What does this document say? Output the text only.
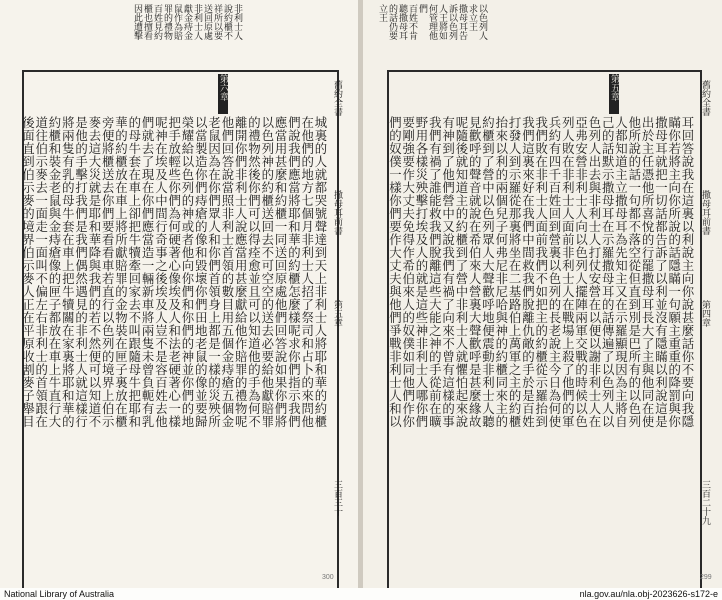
非利士人
說約櫃不
祥所以要
送回原處
非利士人
獻金痔金
鼠作為賠
罪的禮物
百姓見約
櫃也擅看
因此遭擊	以色列人
求立王
撒母耳告
訴以色列
人王將如
何管理他
們
百姓不肯
聽撒母耳
的話仍要
立王
舊約全書
撒母耳前書
第五章
三百三十
舊約全書
撒母耳前書
第四章
三百二十九
城裏的人就都哭號聲達到天上非利士人將耶和華的約櫃
在他們的地方七個月非利士人招了祭司和占卜的來問他
們說我們應當將耶和華的約櫃怎麼樣呢求你們指示我們
應當用甚麼和約櫃一同送回原處他們回答說如果你們將
以色列神的約櫃送回去不可空空的送去必要給他獻賠罪
的禮物然後你們可以得痊愈並且可以知道他的手為何不
離開你們非利士人說應當用甚麼獻給他作賠罪的禮物呢
他們回答說當照非利士首領的數目用五個金痔瘡五個金
老鼠因為在你們眾人和你們首領身上都是一樣的災殃所
以當製造你們痔瘡的像和毀壞你們田地老鼠的像並要歸
榮耀給以色列的神或者他向你們和你們的神並你們的地
把手放輕些你們為何硬著心像埃及人和法老硬著心一樣
呢神在埃及人中間行奇事之後埃及人豈不是容百姓去他
們就去了現在你們應當造一輛新車將兩隻未曾負軛有乳
的母牛套在車上卻把牛犢牽回家去不叫跟隨母牛把耶和
華的約櫃放在車上將所獻賠罪的金物裝在匣子裏放在櫃
旁便將櫃送去你們要看看車若直行以色列的境界上伯示
麥去這大災就是耶和華降與我們的若不然便可以知道不
是他的手擊打我們是我們偶然遇見的非利士人就這樣行
將兩隻有乳的母牛套在車上把牛犢關在家裏將耶和華的
約櫃和裝金老鼠與金痔瘡像的匣子都放在車上牛直行大
道往伯示麥去一面走一面叫不偏左右非利士的首領跟在
後面直到伯示麥的境界伯示麥人正在平原收割麥子舉目	耳回答說我在這裏以利說主向你說甚麼話你不要向我隱
瞞你若將主向你所說的話隱瞞一句願主重重的降罰與你
撒母耳就把一切話都告訴了以利並沒有隱瞞以利說這是
出於主任憑他所喜悅的行罷撒母耳長大了主與他同在使
他所說的話一句都不落空從但直到別是巴所有的以色列
人都知道主立撒母耳為先知主又在示羅顯現因為主將自
己的話默示撒母耳在示羅撒母耳的話傳遍了以色列人以
色列人出去與非利士人打仗安營在以便以謝非利士人在
亞弗安營非利士人向以色列人擺陣兩軍交戰的時候以色
列人敗在非利士人面前非利士人在戰場上殺了他們的軍
兵約有四千百姓回到營裏以色列的長老說主今日為何使
我們敗在非利士人面前我們不如把主的約櫃從示羅抬到
我們這裏來好在我們中間救我們脫離仇敵的手於是百姓
打發人到示羅從那裏將坐在二基路伯上萬軍之主的約櫃
抬來以利的兩個兒子何弗尼非尼哈與神的約櫃同來主的
約櫃到了營中以色列眾人大聲歡呼地便震動非利士人聽
見歡呼的聲音就說在希伯來人營裏大聲歡呼是甚麼緣故
呢隨後就知道主的約櫃到了營中非利士人就懼怕起來說
有神到了他們營中又說我們有禍了向來不曾有這樣的事
我們有禍了誰能救我們脫離這些大能之神的手從前在曠
野用各樣災殃擊打埃及人的就是這些神非利士人哪你們
要剛強要作大丈夫免得作希伯來人的奴僕如同他們作你
們的奴僕一樣你們要作大丈夫與他們爭戰非利士人和以
第六章	第五章
300	299
National Library of Australia	nla.gov.au/nla.obj-2023626-s172-e
